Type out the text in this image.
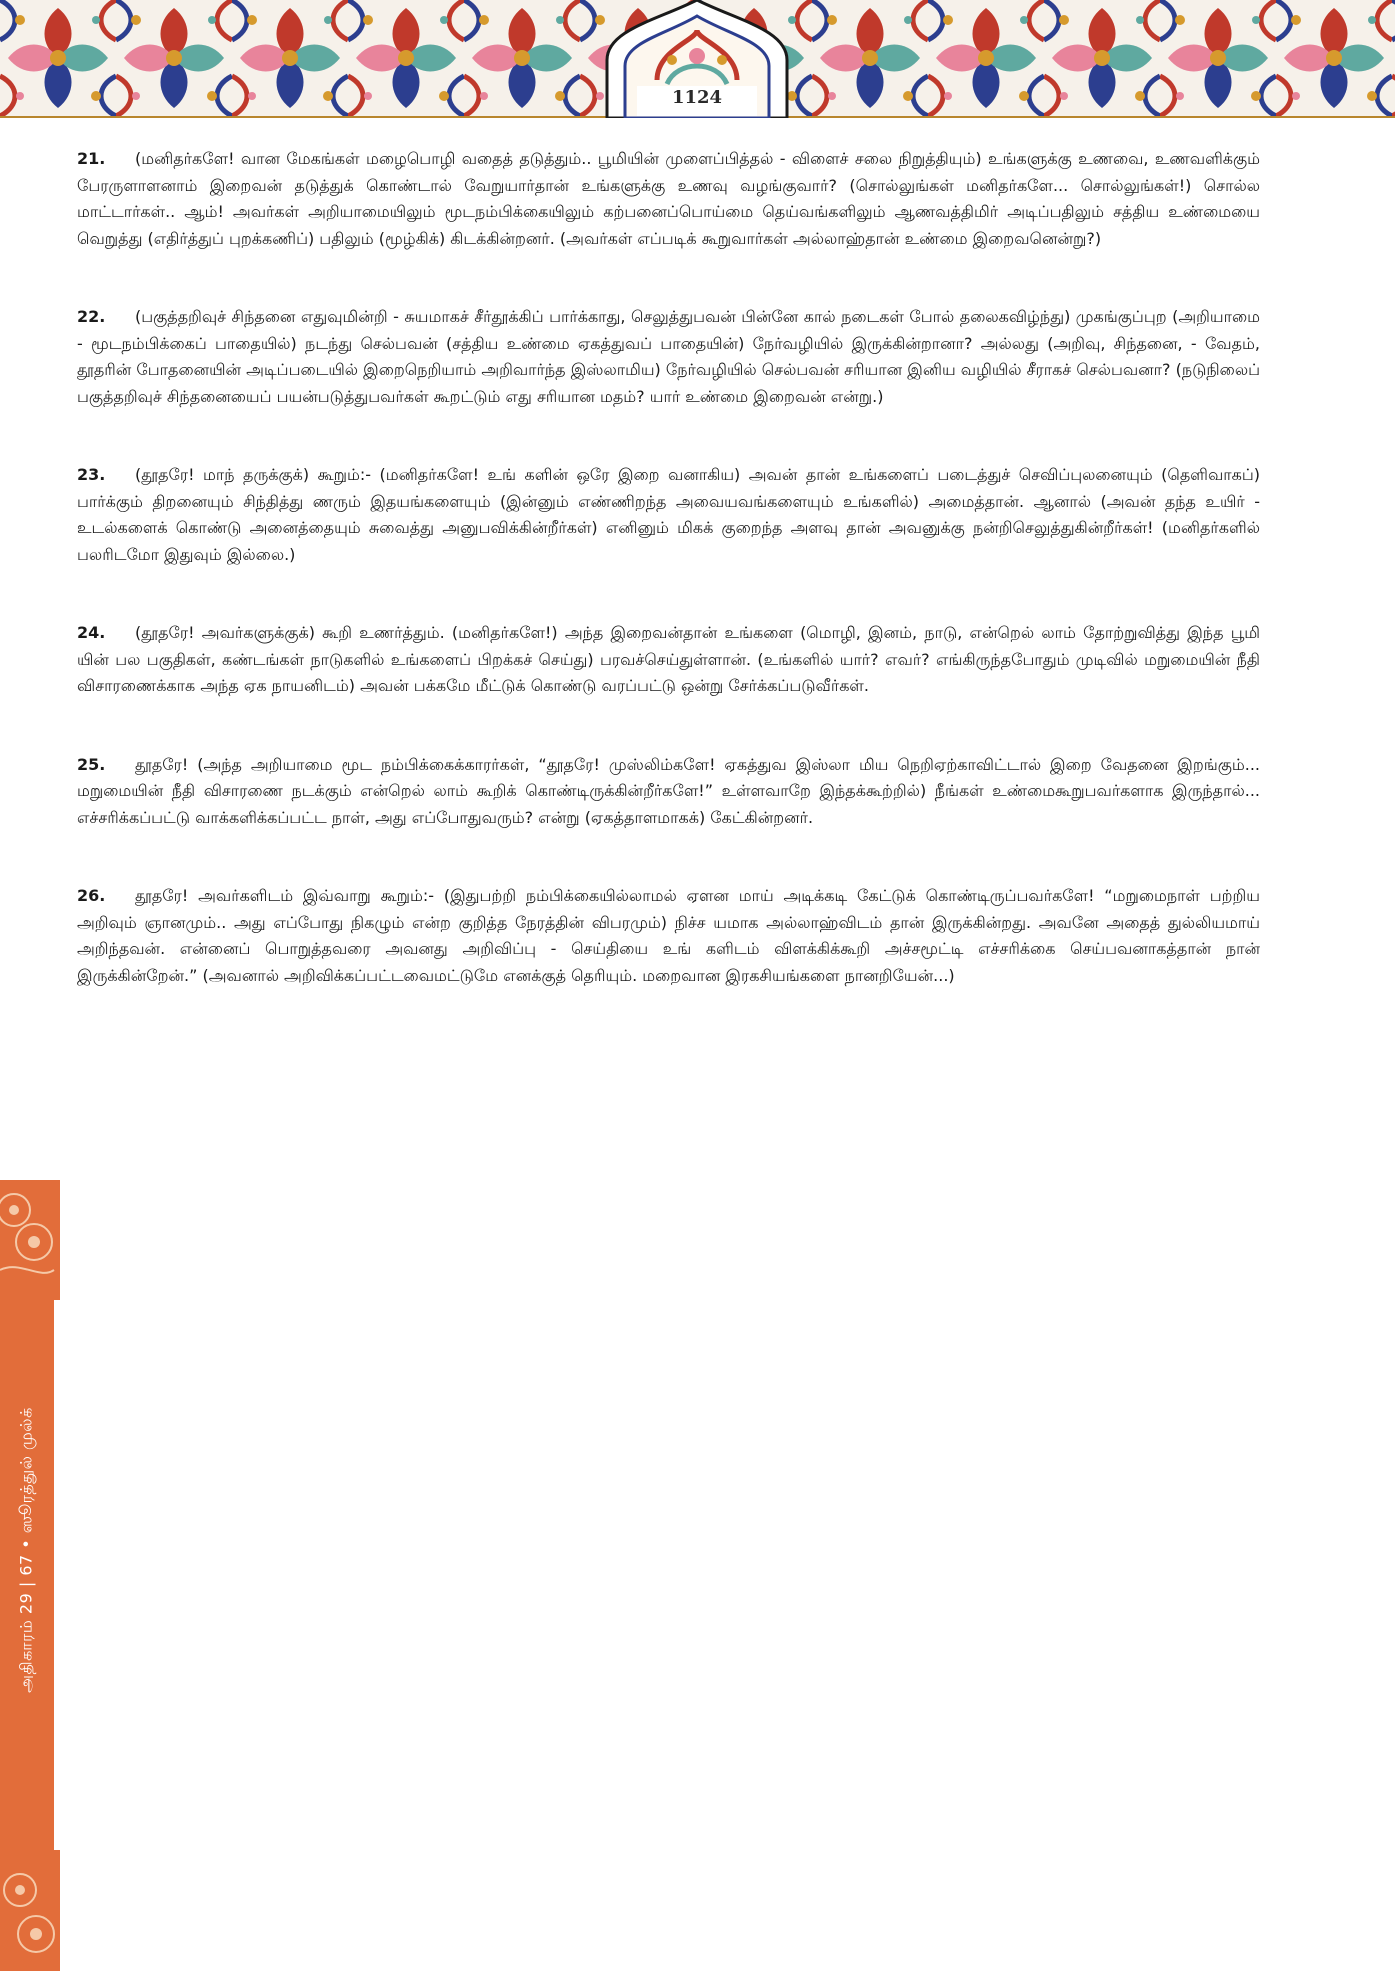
1124
அதிகாரம் 29 | 67 • ஸூரத்துல் முல்க்

21. (மனிதர்களே! வான மேகங்கள் மழைபொழி வதைத் தடுத்தும்.. பூமியின் முளைப்பித்தல் - விளைச் சலை நிறுத்தியும்) உங்களுக்கு உணவை, உணவளிக்கும் பேரருளாளனாம் இறைவன் தடுத்துக் கொண்டால் வேறுயார்தான் உங்களுக்கு உணவு வழங்குவார்? (சொல்லுங்கள் மனிதர்களே... சொல்லுங்கள்!) சொல்ல மாட்டார்கள்.. ஆம்! அவர்கள் அறியாமையிலும் மூடநம்பிக்கையிலும் கற்பனைப்பொய்மை தெய்வங்களிலும் ஆணவத்திமிர் அடிப்பதிலும் சத்திய உண்மையை வெறுத்து (எதிர்த்துப் புறக்கணிப்) பதிலும் (மூழ்கிக்) கிடக்கின்றனர். (அவர்கள் எப்படிக் கூறுவார்கள் அல்லாஹ்தான் உண்மை இறைவனென்று?)

22. (பகுத்தறிவுச் சிந்தனை எதுவுமின்றி - சுயமாகச் சீர்தூக்கிப் பார்க்காது, செலுத்துபவன் பின்னே கால் நடைகள் போல் தலைகவிழ்ந்து) முகங்குப்புற (அறியாமை - மூடநம்பிக்கைப் பாதையில்) நடந்து செல்பவன் (சத்திய உண்மை ஏகத்துவப் பாதையின்) நேர்வழியில் இருக்கின்றானா? அல்லது (அறிவு, சிந்தனை, - வேதம், தூதரின் போதனையின் அடிப்படையில் இறைநெறியாம் அறிவார்ந்த இஸ்லாமிய) நேர்வழியில் செல்பவன் சரியான இனிய வழியில் சீராகச் செல்பவனா? (நடுநிலைப் பகுத்தறிவுச் சிந்தனையைப் பயன்படுத்துபவர்கள் கூறட்டும் எது சரியான மதம்? யார் உண்மை இறைவன் என்று.)

23. (தூதரே! மாந் தருக்குக்) கூறும்:- (மனிதர்களே! உங் களின் ஒரே இறை வனாகிய) அவன் தான் உங்களைப் படைத்துச் செவிப்புலனையும் (தெளிவாகப்) பார்க்கும் திறனையும் சிந்தித்து ணரும் இதயங்களையும் (இன்னும் எண்ணிறந்த அவையவங்களையும் உங்களில்) அமைத்தான். ஆனால் (அவன் தந்த உயிர் - உடல்களைக் கொண்டு அனைத்தையும் சுவைத்து அனுபவிக்கின்றீர்கள்) எனினும் மிகக் குறைந்த அளவு தான் அவனுக்கு நன்றிசெலுத்துகின்றீர்கள்! (மனிதர்களில் பலரிடமோ இதுவும் இல்லை.)

24. (தூதரே! அவர்களுக்குக்) கூறி உணர்த்தும். (மனிதர்களே!) அந்த இறைவன்தான் உங்களை (மொழி, இனம், நாடு, என்றெல் லாம் தோற்றுவித்து இந்த பூமி யின் பல பகுதிகள், கண்டங்கள் நாடுகளில் உங்களைப் பிறக்கச் செய்து) பரவச்செய்துள்ளான். (உங்களில் யார்? எவர்? எங்கிருந்தபோதும் முடிவில் மறுமையின் நீதி விசாரணைக்காக அந்த ஏக நாயனிடம்) அவன் பக்கமே மீட்டுக் கொண்டு வரப்பட்டு ஒன்று சேர்க்கப்படுவீர்கள்.

25. தூதரே! (அந்த அறியாமை மூட நம்பிக்கைக்காரர்கள், “தூதரே! முஸ்லிம்களே! ஏகத்துவ இஸ்லா மிய நெறிஏற்காவிட்டால் இறை வேதனை இறங்கும்... மறுமையின் நீதி விசாரணை நடக்கும் என்றெல் லாம் கூறிக் கொண்டிருக்கின்றீர்களே!” உள்ளவாறே இந்தக்கூற்றில்) நீங்கள் உண்மைகூறுபவர்களாக இருந்தால்... எச்சரிக்கப்பட்டு வாக்களிக்கப்பட்ட நாள், அது எப்போதுவரும்? என்று (ஏகத்தாளமாகக்) கேட்கின்றனர்.

26. தூதரே! அவர்களிடம் இவ்வாறு கூறும்:- (இதுபற்றி நம்பிக்கையில்லாமல் ஏளன மாய் அடிக்கடி கேட்டுக் கொண்டிருப்பவர்களே! “மறுமைநாள் பற்றிய அறிவும் ஞானமும்.. அது எப்போது நிகழும் என்ற குறித்த நேரத்தின் விபரமும்) நிச்ச யமாக அல்லாஹ்விடம் தான் இருக்கின்றது. அவனே அதைத் துல்லியமாய் அறிந்தவன். என்னைப் பொறுத்தவரை அவனது அறிவிப்பு - செய்தியை உங் களிடம் விளக்கிக்கூறி அச்சமூட்டி எச்சரிக்கை செய்பவனாகத்தான் நான் இருக்கின்றேன்.” (அவனால் அறிவிக்கப்பட்டவைமட்டுமே எனக்குத் தெரியும். மறைவான இரகசியங்களை நானறியேன்...)
